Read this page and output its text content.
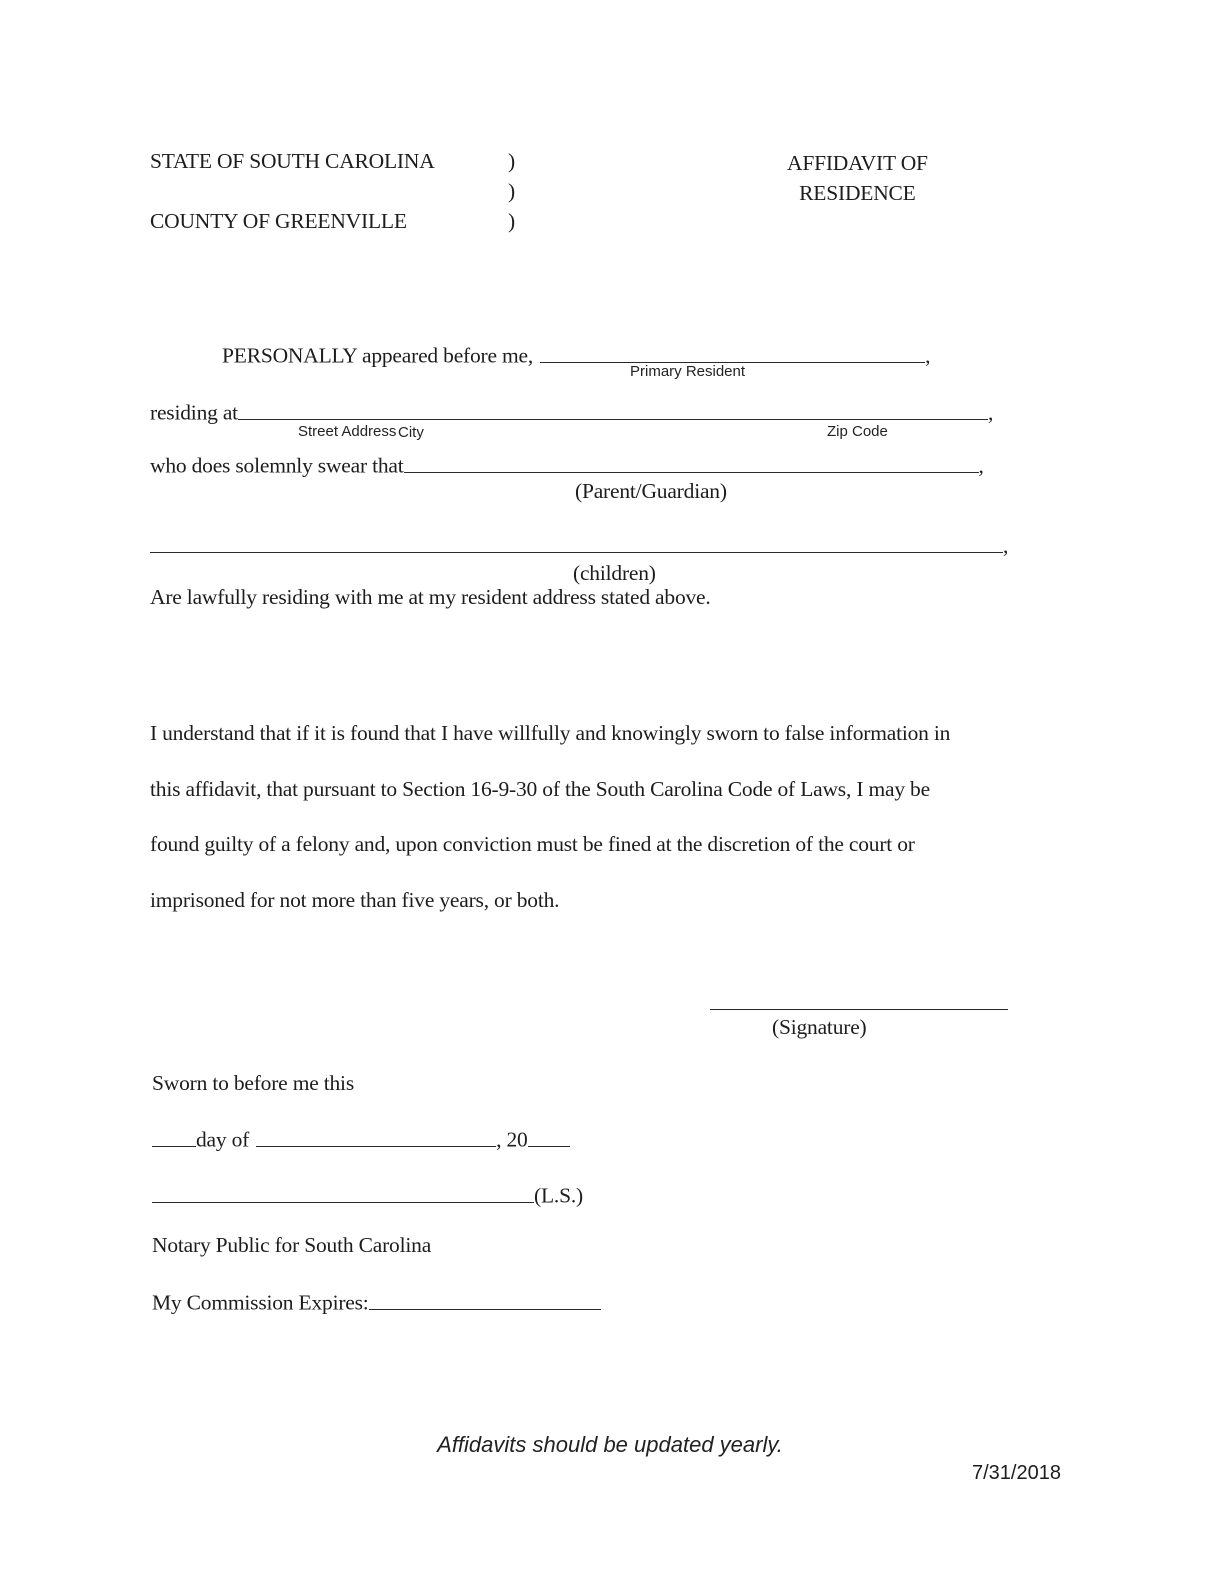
STATE OF SOUTH CAROLINA	)
)
)
COUNTY OF GREENVILLE
AFFIDAVIT OF
RESIDENCE
PERSONALLY appeared before me,	,
Primary Resident
residing at	,
Street Address City	Zip Code
who does solemnly swear that	,
(Parent/Guardian)
,
(children)
Are lawfully residing with me at my resident address stated above.
I understand that if it is found that I have willfully and knowingly sworn to false information in
this affidavit, that pursuant to Section 16-9-30 of the South Carolina Code of Laws, I may be
found guilty of a felony and, upon conviction must be fined at the discretion of the court or
imprisoned for not more than five years, or both.
(Signature)
Sworn to before me this
day of	, 20
(L.S.)
Notary Public for South Carolina
My Commission Expires:
Affidavits should be updated yearly.
7/31/2018
